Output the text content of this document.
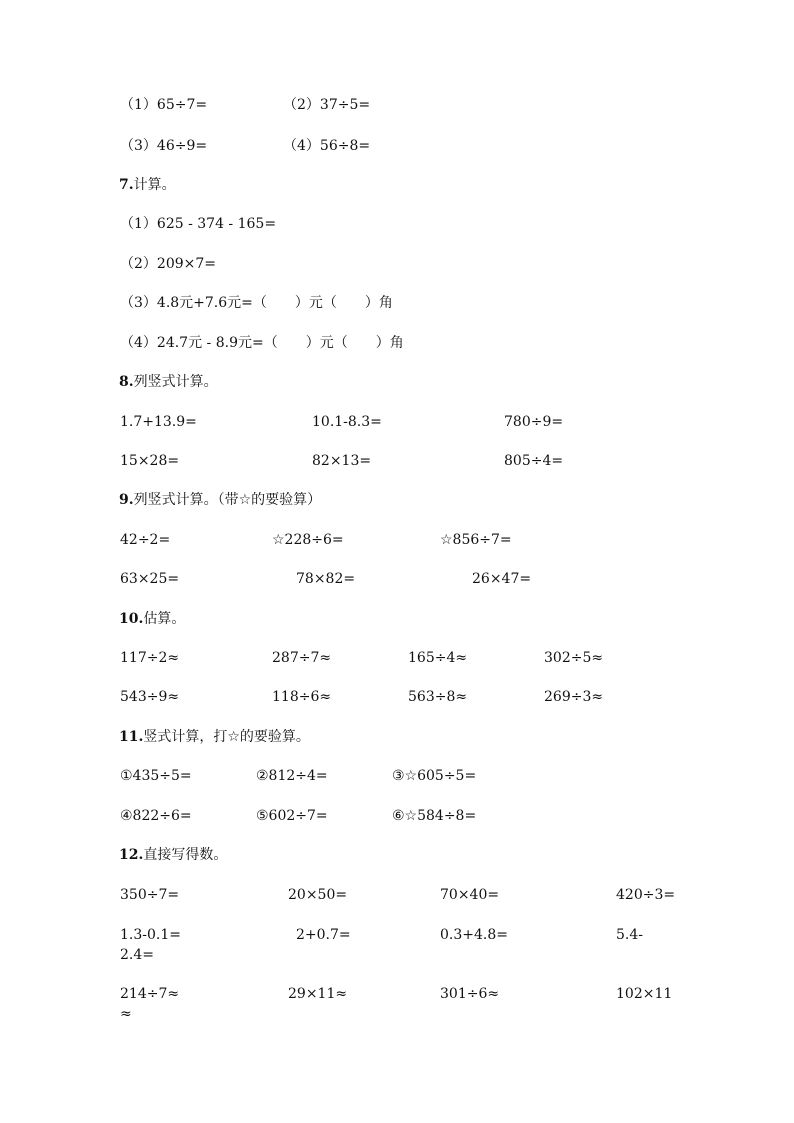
（1）65÷7=	（2）37÷5=
（3）46÷9=	（4）56÷8=
7.计算。
（1）625 - 374 - 165=
（2）209×7=
（3）4.8元+7.6元=（　　）元（　　）角
（4）24.7元 - 8.9元=（　　）元（　　）角
8.列竖式计算。
1.7+13.9=	10.1-8.3=	780÷9=
15×28=	82×13=	805÷4=
9.列竖式计算。（带☆的要验算）
42÷2=	☆228÷6=	☆856÷7=
63×25=	78×82=	26×47=
10.估算。
117÷2≈	287÷7≈	165÷4≈	302÷5≈
543÷9≈	118÷6≈	563÷8≈	269÷3≈
11.竖式计算，打☆的要验算。
①435÷5=	②812÷4=	③☆605÷5=
④822÷6=	⑤602÷7=	⑥☆584÷8=
12.直接写得数。
350÷7=	20×50=	70×40=	420÷3=
1.3-0.1=	2+0.7=	0.3+4.8=	5.4-
2.4=
214÷7≈	29×11≈	301÷6≈	102×11
≈
